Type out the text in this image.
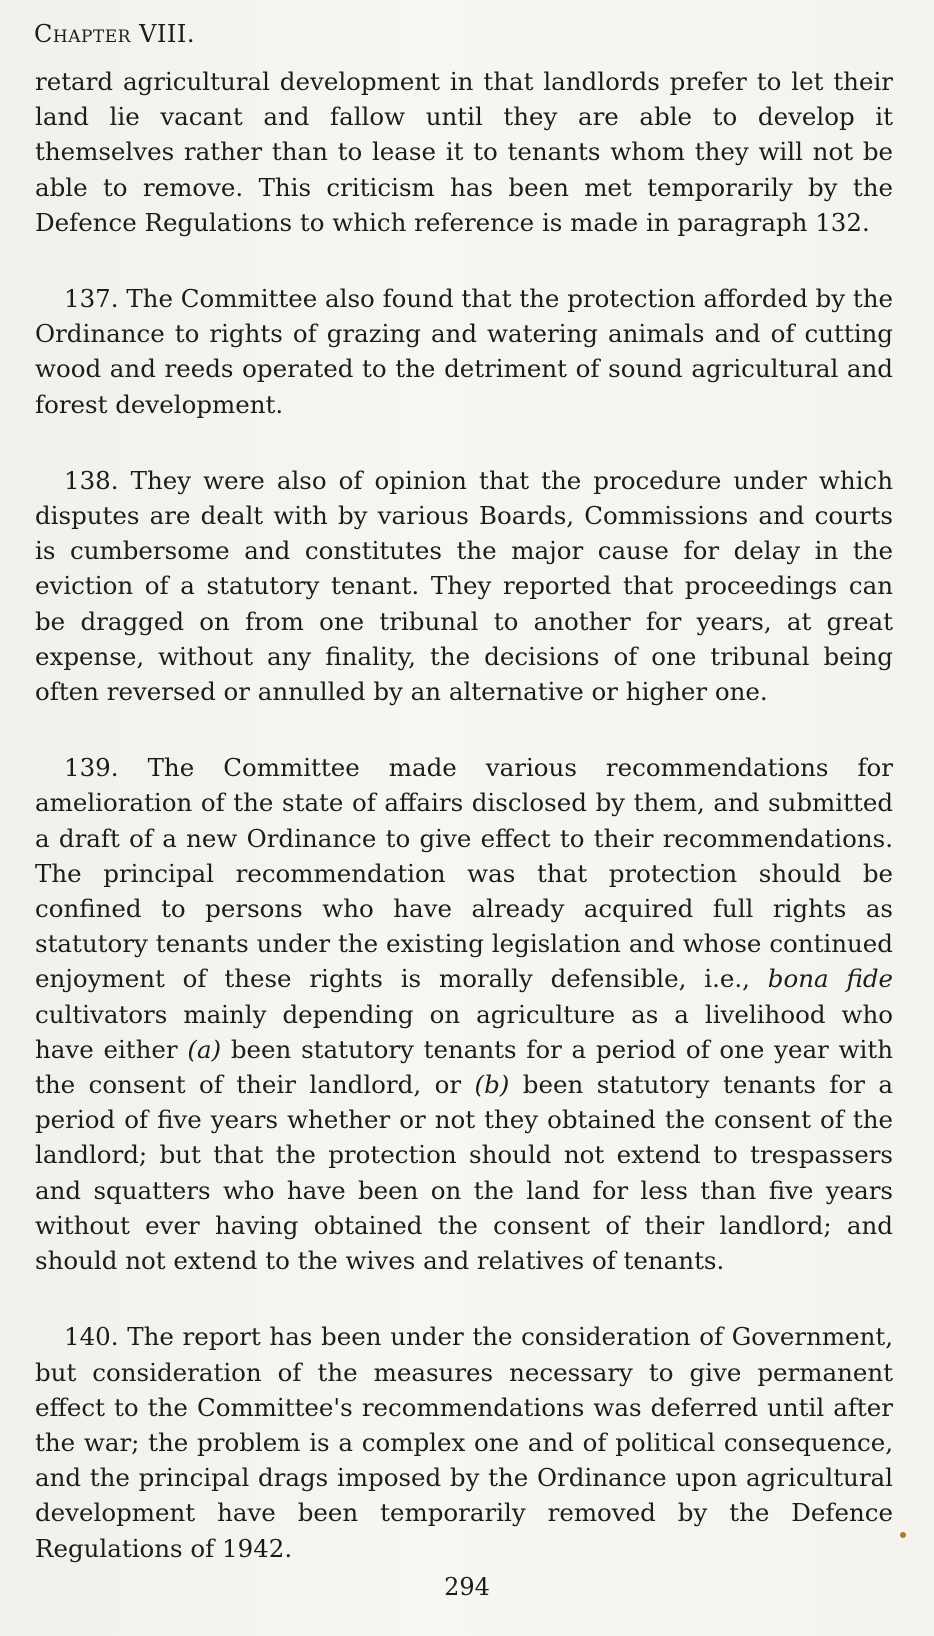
Chapter VIII.

retard agricultural development in that landlords prefer to let their land lie vacant and fallow until they are able to develop it themselves rather than to lease it to tenants whom they will not be able to remove. This criticism has been met temporarily by the Defence Regulations to which reference is made in paragraph 132.

137. The Committee also found that the protection afforded by the Ordinance to rights of grazing and watering animals and of cutting wood and reeds operated to the detriment of sound agricultural and forest development.

138. They were also of opinion that the procedure under which disputes are dealt with by various Boards, Commissions and courts is cumbersome and constitutes the major cause for delay in the eviction of a statutory tenant. They reported that proceedings can be dragged on from one tribunal to another for years, at great expense, without any finality, the decisions of one tribunal being often reversed or annulled by an alternative or higher one.

139. The Committee made various recommendations for amelioration of the state of affairs disclosed by them, and submitted a draft of a new Ordinance to give effect to their recommendations. The principal recommendation was that protection should be confined to persons who have already acquired full rights as statutory tenants under the existing legislation and whose continued enjoyment of these rights is morally defensible, i.e., bona fide cultivators mainly depending on agriculture as a livelihood who have either (a) been statutory tenants for a period of one year with the consent of their landlord, or (b) been statutory tenants for a period of five years whether or not they obtained the consent of the landlord; but that the protection should not extend to trespassers and squatters who have been on the land for less than five years without ever having obtained the consent of their landlord; and should not extend to the wives and relatives of tenants.

140. The report has been under the consideration of Government, but consideration of the measures necessary to give permanent effect to the Committee's recommendations was deferred until after the war; the problem is a complex one and of political consequence, and the principal drags imposed by the Ordinance upon agricultural development have been temporarily removed by the Defence Regulations of 1942.

294
